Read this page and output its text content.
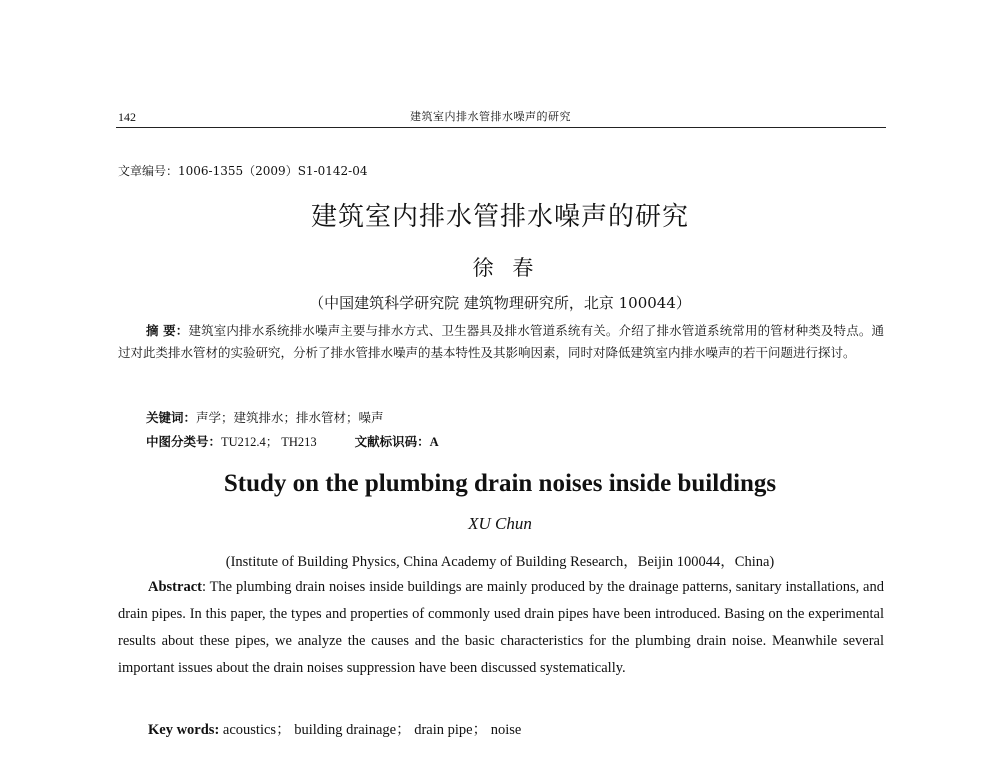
142	建筑室内排水管排水噪声的研究
文章编号：1006-1355（2009）S1-0142-04
建筑室内排水管排水噪声的研究
徐 春
（中国建筑科学研究院 建筑物理研究所，北京 100044）

摘 要：建筑室内排水系统排水噪声主要与排水方式、卫生器具及排水管道系统有关。介绍了排水管道系统常用的管材种类及特点。通过对此类排水管材的实验研究，分析了排水管排水噪声的基本特性及其影响因素，同时对降低建筑室内排水噪声的若干问题进行探讨。

关键词：声学；建筑排水；排水管材；噪声
中图分类号：TU212.4； TH213	文献标识码：A
Study on the plumbing drain noises inside buildings
XU Chun
(Institute of Building Physics, China Academy of Building Research，Beijin 100044，China)

Abstract: The plumbing drain noises inside buildings are mainly produced by the drainage patterns, sanitary installations, and drain pipes. In this paper, the types and properties of commonly used drain pipes have been introduced. Basing on the experimental results about these pipes, we analyze the causes and the basic characteristics for the plumbing drain noise. Meanwhile several important issues about the drain noises suppression have been discussed systematically.

Key words: acoustics； building drainage； drain pipe； noise
